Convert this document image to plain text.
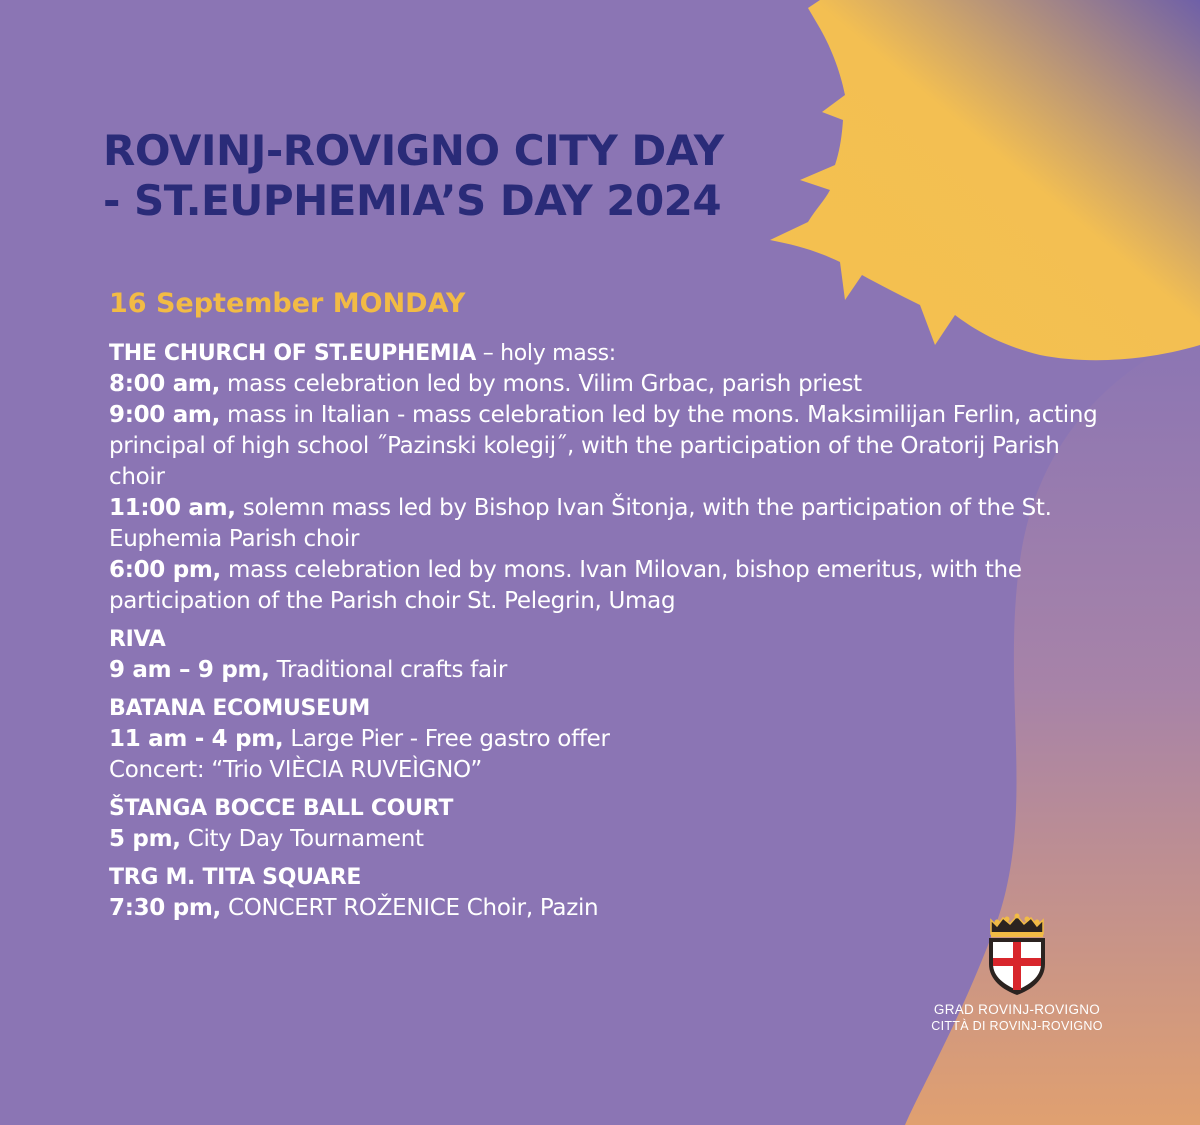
ROVINJ-ROVIGNO CITY DAY
- ST.EUPHEMIA’S DAY 2024
16 September MONDAY
THE CHURCH OF ST.EUPHEMIA – holy mass:
8:00 am, mass celebration led by mons. Vilim Grbac, parish priest
9:00 am, mass in Italian - mass celebration led by the mons. Maksimilijan Ferlin, acting principal of high school ˝Pazinski kolegij˝, with the participation of the Oratorij Parish choir
11:00 am, solemn mass led by Bishop Ivan Šitonja, with the participation of the St. Euphemia Parish choir
6:00 pm, mass celebration led by mons. Ivan Milovan, bishop emeritus, with the participation of the Parish choir St. Pelegrin, Umag
RIVA
9 am – 9 pm, Traditional crafts fair
BATANA ECOMUSEUM
11 am - 4 pm, Large Pier - Free gastro offer
Concert: “Trio VIÈCIA RUVEÌGNO”
ŠTANGA BOCCE BALL COURT
5 pm, City Day Tournament
TRG M. TITA SQUARE
7:30 pm, CONCERT ROŽENICE Choir, Pazin
GRAD ROVINJ-ROVIGNO
CITTÀ DI ROVINJ-ROVIGNO
